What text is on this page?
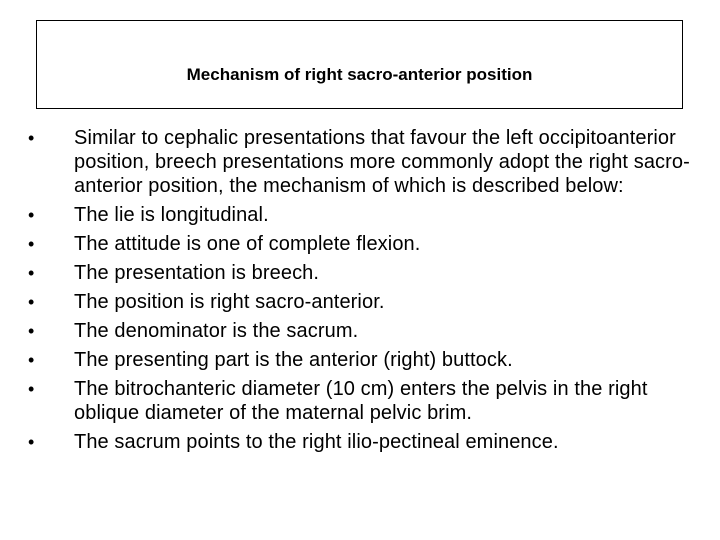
Mechanism of right sacro-anterior position
•	Similar to cephalic presentations that favour the left occipitoanterior position, breech presentations more commonly adopt the right sacro-anterior position, the mechanism of which is described below:
•	The lie is longitudinal.
•	The attitude is one of complete flexion.
•	The presentation is breech.
•	The position is right sacro-anterior.
•	The denominator is the sacrum.
•	The presenting part is the anterior (right) buttock.
•	The bitrochanteric diameter (10 cm) enters the pelvis in the right oblique diameter of the maternal pelvic brim.
•	The sacrum points to the right ilio-pectineal eminence.
